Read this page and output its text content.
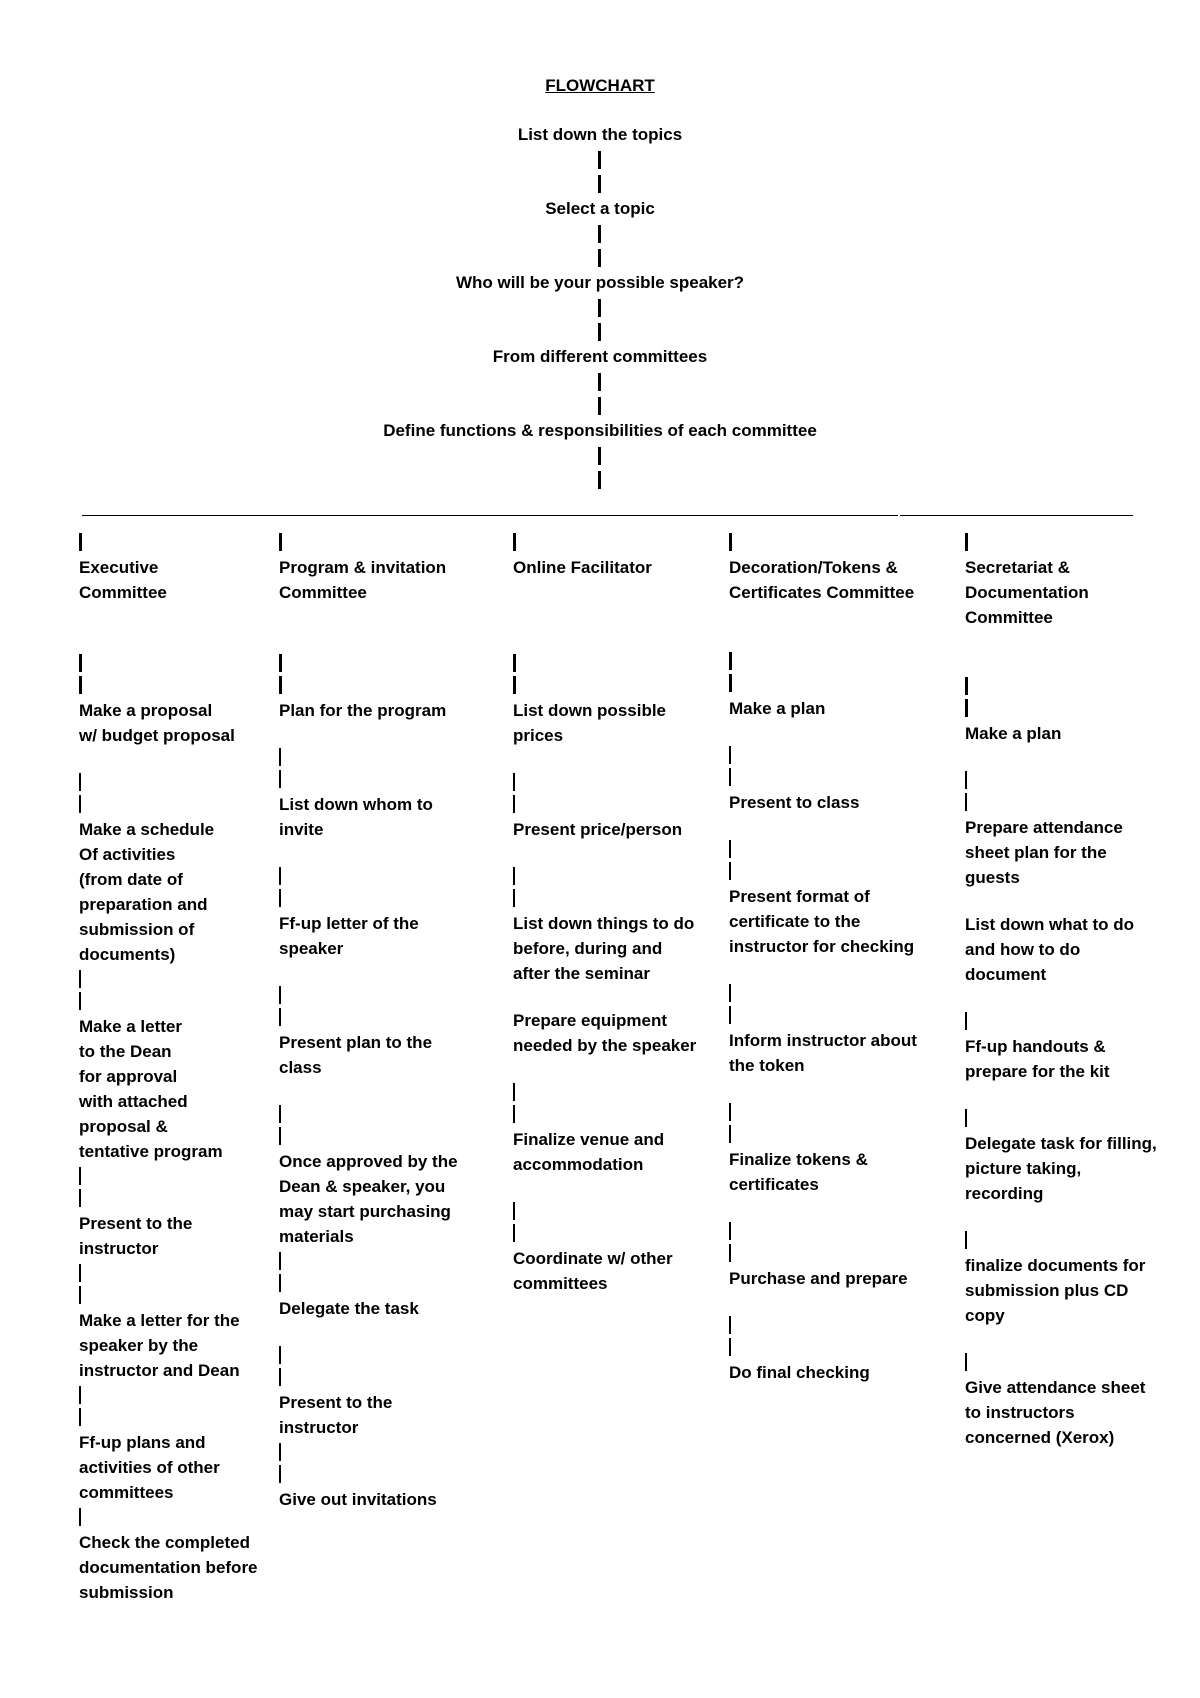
FLOWCHART
List down the topics
Select a topic
Who will be your possible speaker?
From different committees
Define functions & responsibilities of each committee
Executive
Committee
Make a proposal
w/ budget proposal
Make a schedule
Of activities
(from date of
preparation and
submission of
documents)
Make a letter
to the Dean
for approval
with attached
proposal &
tentative program
Present to the
instructor
Make a letter for the
speaker by the
instructor and Dean
Ff-up plans and
activities of other
committees
Check the completed
documentation before
submission
Program & invitation
Committee
Plan for the program
List down whom to
invite
Ff-up letter of the
speaker
Present plan to the
class
Once approved by the
Dean & speaker, you
may start purchasing
materials
Delegate the task
Present to the
instructor
Give out invitations
Online Facilitator
List down possible
prices
Present price/person
List down things to do
before, during and
after the seminar
Prepare equipment
needed by the speaker
Finalize venue and
accommodation
Coordinate w/ other
committees
Decoration/Tokens &
Certificates Committee
Make a plan
Present to class
Present format of
certificate to the
instructor for checking
Inform instructor about
the token
Finalize tokens &
certificates
Purchase and prepare
Do final checking
Secretariat &
Documentation
Committee
Make a plan
Prepare attendance
sheet plan for the
guests
List down what to do
and how to do
document
Ff-up handouts &
prepare for the kit
Delegate task for filling,
picture taking,
recording
finalize documents for
submission plus CD
copy
Give attendance sheet
to instructors
concerned (Xerox)
